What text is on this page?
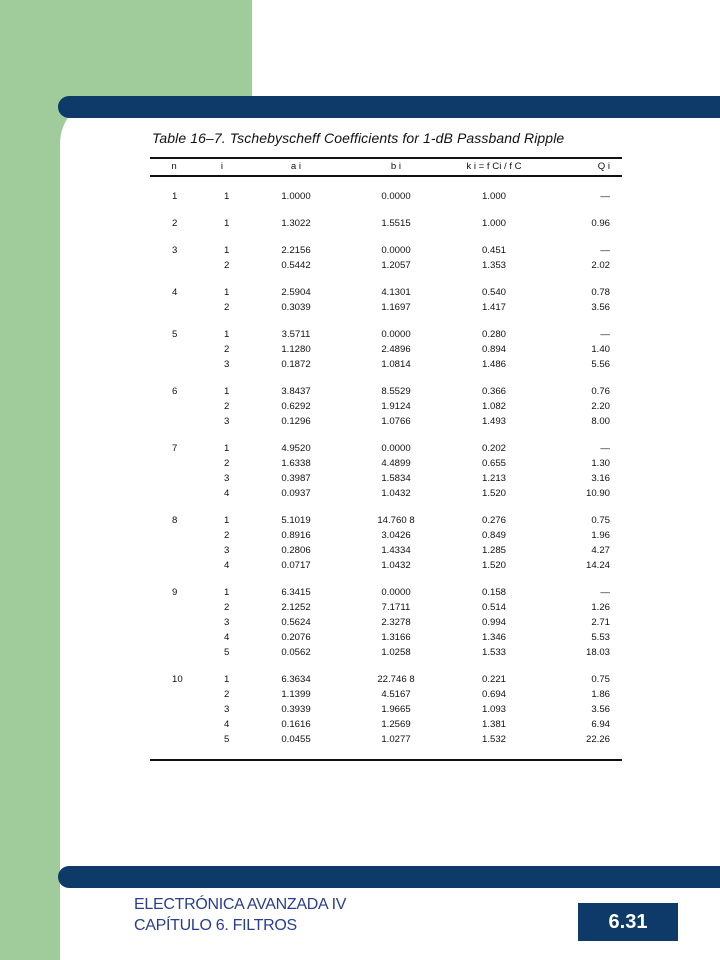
Table 16–7. Tschebyscheff Coefficients for 1-dB Passband Ripple
n	i	a i	b i	k i = f Ci / f C	Q i

1	1	1.0000	0.0000	1.000	—

2	1	1.3022	1.5515	1.000	0.96

3	1	2.2156	0.0000	0.451	—
	2	0.5442	1.2057	1.353	2.02

4	1	2.5904	4.1301	0.540	0.78
	2	0.3039	1.1697	1.417	3.56

5	1	3.5711	0.0000	0.280	—
	2	1.1280	2.4896	0.894	1.40
	3	0.1872	1.0814	1.486	5.56

6	1	3.8437	8.5529	0.366	0.76
	2	0.6292	1.9124	1.082	2.20
	3	0.1296	1.0766	1.493	8.00

7	1	4.9520	0.0000	0.202	—
	2	1.6338	4.4899	0.655	1.30
	3	0.3987	1.5834	1.213	3.16
	4	0.0937	1.0432	1.520	10.90

8	1	5.1019	14.760 8	0.276	0.75
	2	0.8916	3.0426	0.849	1.96
	3	0.2806	1.4334	1.285	4.27
	4	0.0717	1.0432	1.520	14.24

9	1	6.3415	0.0000	0.158	—
	2	2.1252	7.1711	0.514	1.26
	3	0.5624	2.3278	0.994	2.71
	4	0.2076	1.3166	1.346	5.53
	5	0.0562	1.0258	1.533	18.03

10	1	6.3634	22.746 8	0.221	0.75
	2	1.1399	4.5167	0.694	1.86
	3	0.3939	1.9665	1.093	3.56
	4	0.1616	1.2569	1.381	6.94
	5	0.0455	1.0277	1.532	22.26

ELECTRÓNICA AVANZADA IV
CAPÍTULO 6. FILTROS	6.31
